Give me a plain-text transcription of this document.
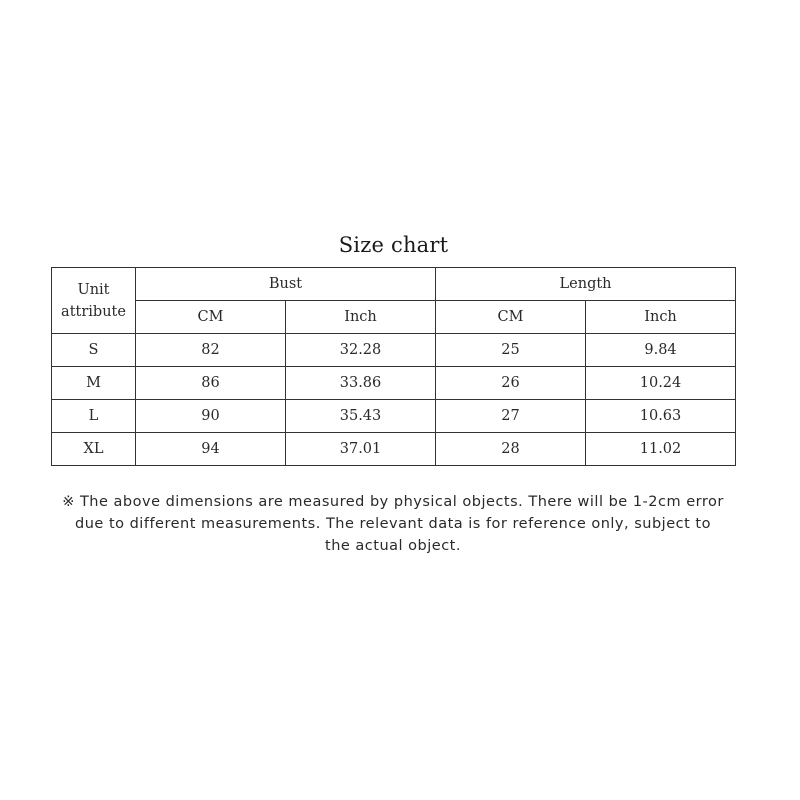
Size chart
Unit
attribute	Bust		Length	
	CM	Inch	CM	Inch
S	82	32.28	25	9.84
M	86	33.86	26	10.24
L	90	35.43	27	10.63
XL	94	37.01	28	11.02
※ The above dimensions are measured by physical objects. There will be 1-2cm error due to different measurements. The relevant data is for reference only, subject to the actual object.
